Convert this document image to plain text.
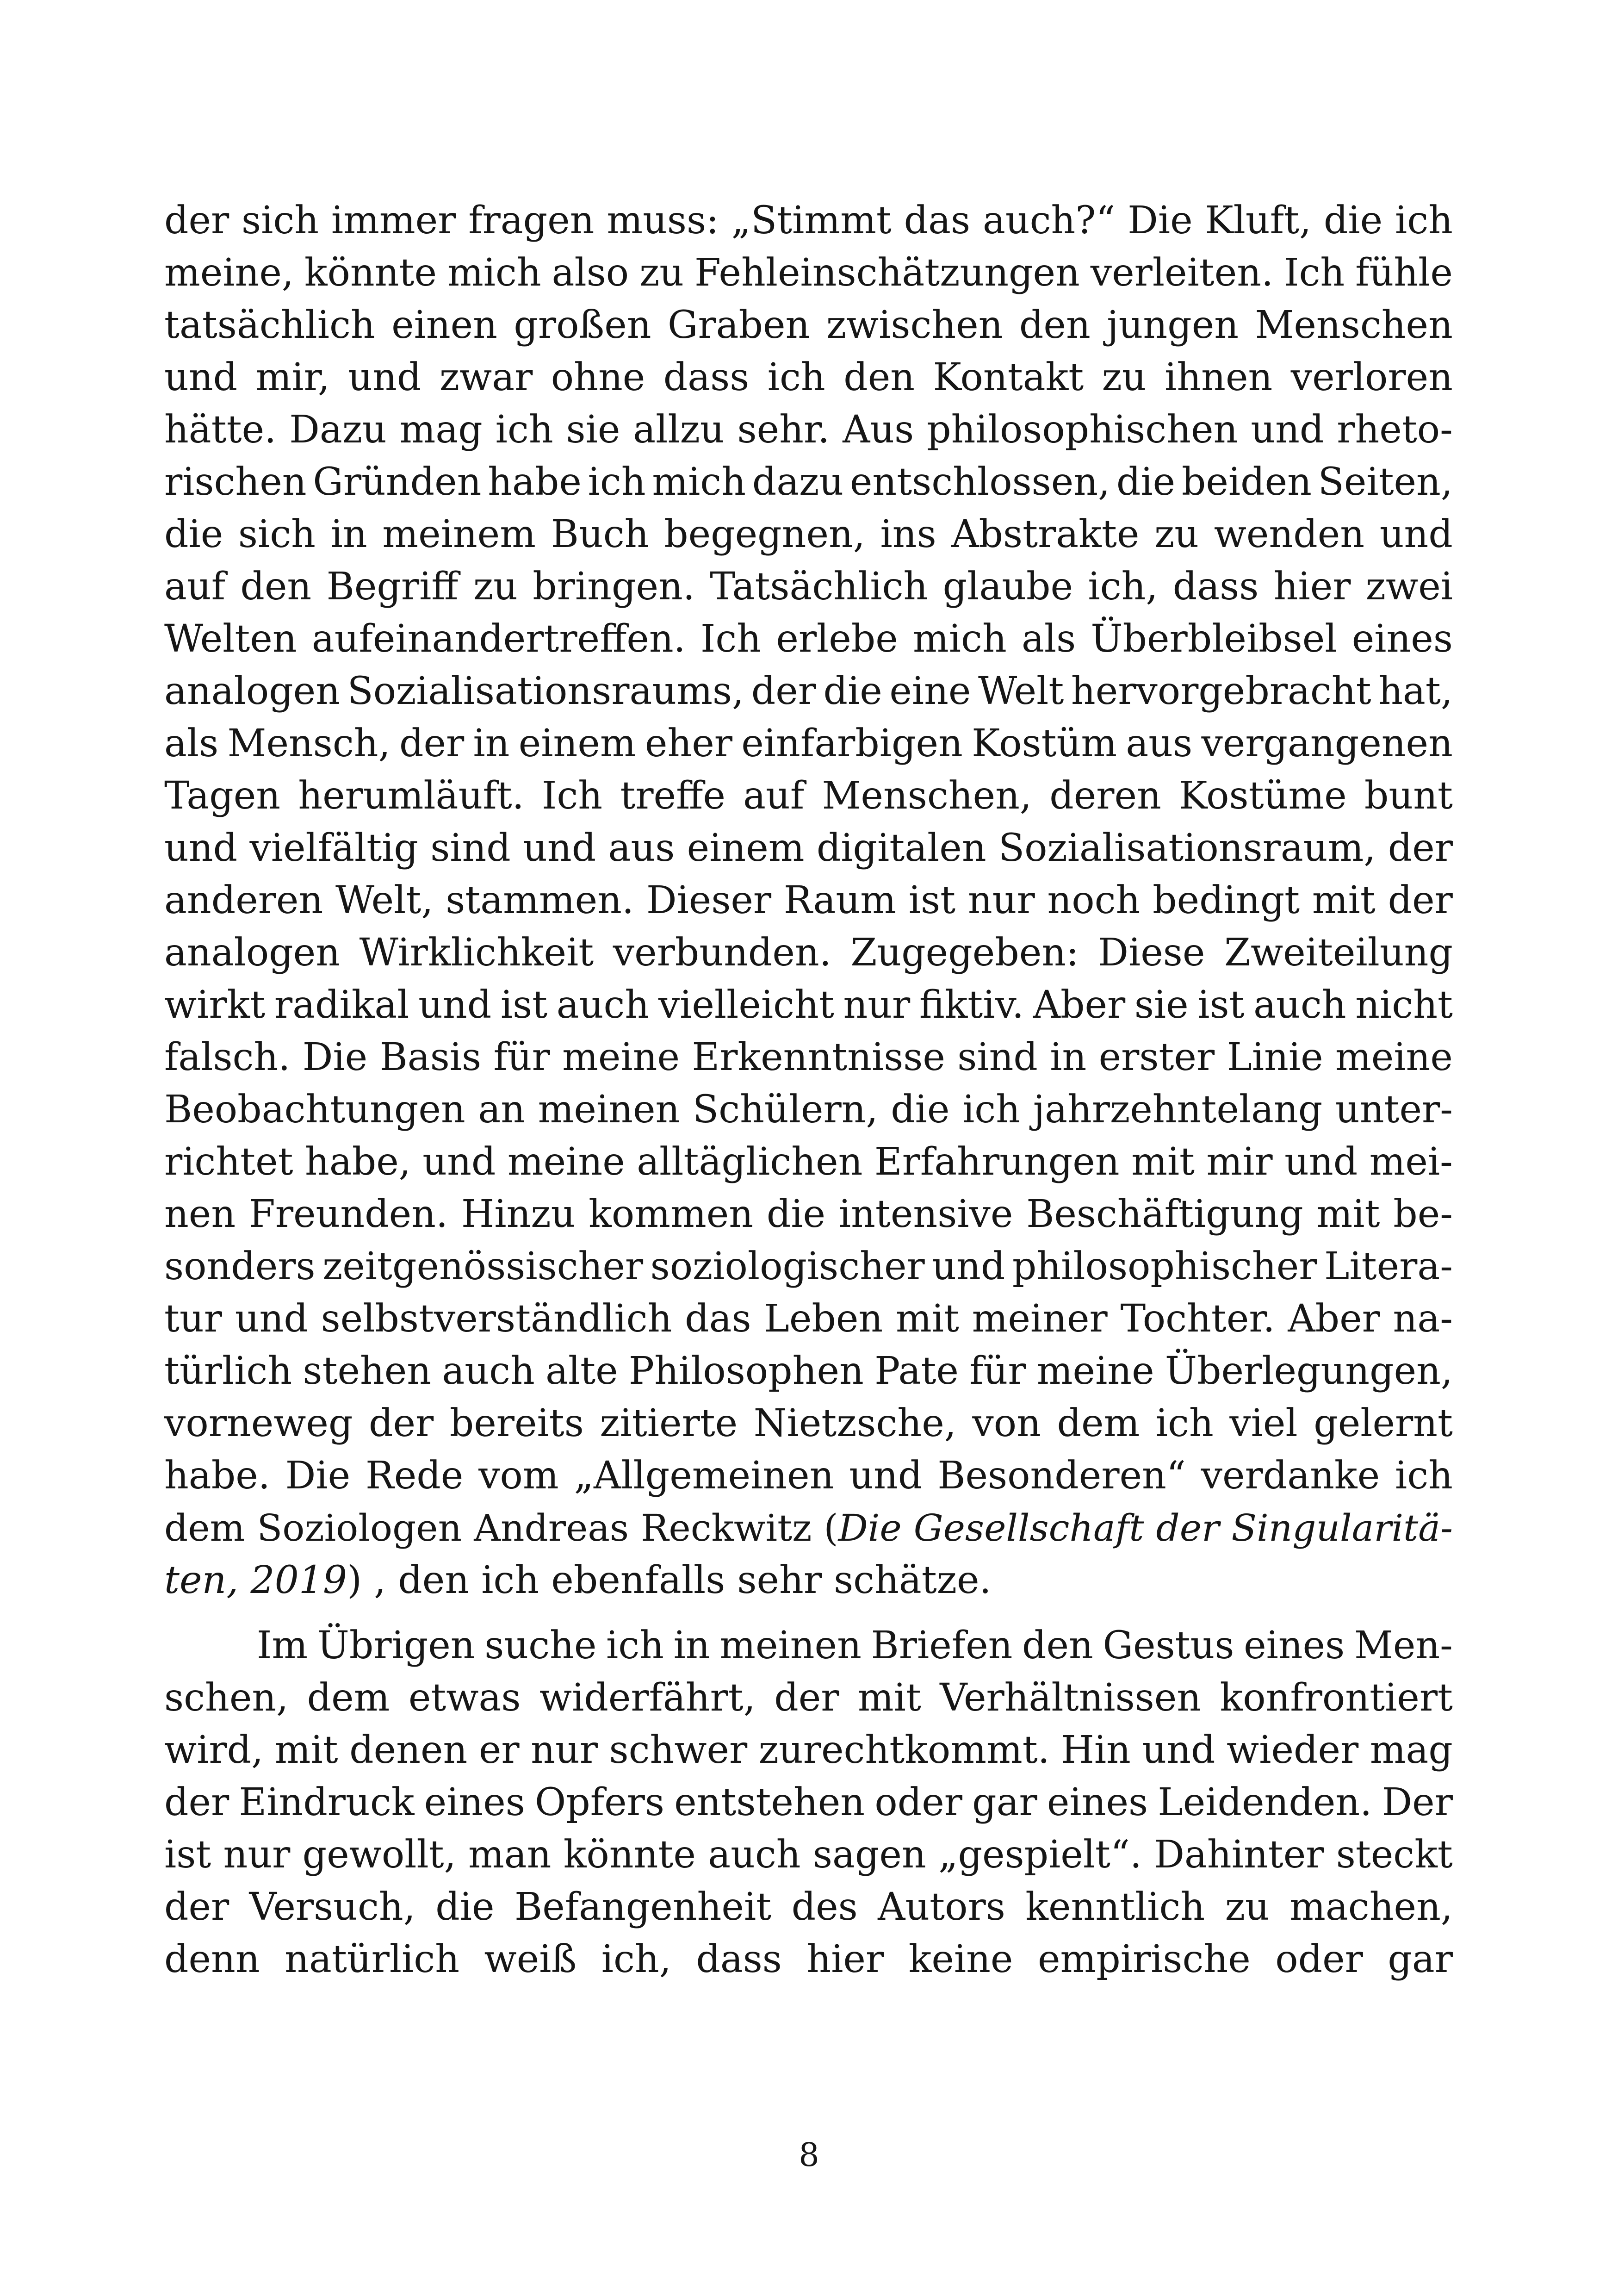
der sich immer fragen muss: „Stimmt das auch?“ Die Kluft, die ich
meine, könnte mich also zu Fehleinschätzungen verleiten. Ich fühle
tatsächlich einen großen Graben zwischen den jungen Menschen
und mir, und zwar ohne dass ich den Kontakt zu ihnen verloren
hätte. Dazu mag ich sie allzu sehr. Aus philosophischen und rheto-
rischen Gründen habe ich mich dazu entschlossen, die beiden Seiten,
die sich in meinem Buch begegnen, ins Abstrakte zu wenden und
auf den Begriff zu bringen. Tatsächlich glaube ich, dass hier zwei
Welten aufeinandertreffen. Ich erlebe mich als Überbleibsel eines
analogen Sozialisationsraums, der die eine Welt hervorgebracht hat,
als Mensch, der in einem eher einfarbigen Kostüm aus vergangenen
Tagen herumläuft. Ich treffe auf Menschen, deren Kostüme bunt
und vielfältig sind und aus einem digitalen Sozialisationsraum, der
anderen Welt, stammen. Dieser Raum ist nur noch bedingt mit der
analogen Wirklichkeit verbunden. Zugegeben: Diese Zweiteilung
wirkt radikal und ist auch vielleicht nur fiktiv. Aber sie ist auch nicht
falsch. Die Basis für meine Erkenntnisse sind in erster Linie meine
Beobachtungen an meinen Schülern, die ich jahrzehntelang unter-
richtet habe, und meine alltäglichen Erfahrungen mit mir und mei-
nen Freunden. Hinzu kommen die intensive Beschäftigung mit be-
sonders zeitgenössischer soziologischer und philosophischer Litera-
tur und selbstverständlich das Leben mit meiner Tochter. Aber na-
türlich stehen auch alte Philosophen Pate für meine Überlegungen,
vorneweg der bereits zitierte Nietzsche, von dem ich viel gelernt
habe. Die Rede vom „Allgemeinen und Besonderen“ verdanke ich
dem Soziologen Andreas Reckwitz (Die Gesellschaft der Singularitä-
ten, 2019) , den ich ebenfalls sehr schätze.
Im Übrigen suche ich in meinen Briefen den Gestus eines Men-
schen, dem etwas widerfährt, der mit Verhältnissen konfrontiert
wird, mit denen er nur schwer zurechtkommt. Hin und wieder mag
der Eindruck eines Opfers entstehen oder gar eines Leidenden. Der
ist nur gewollt, man könnte auch sagen „gespielt“. Dahinter steckt
der Versuch, die Befangenheit des Autors kenntlich zu machen,
denn natürlich weiß ich, dass hier keine empirische oder gar
8
